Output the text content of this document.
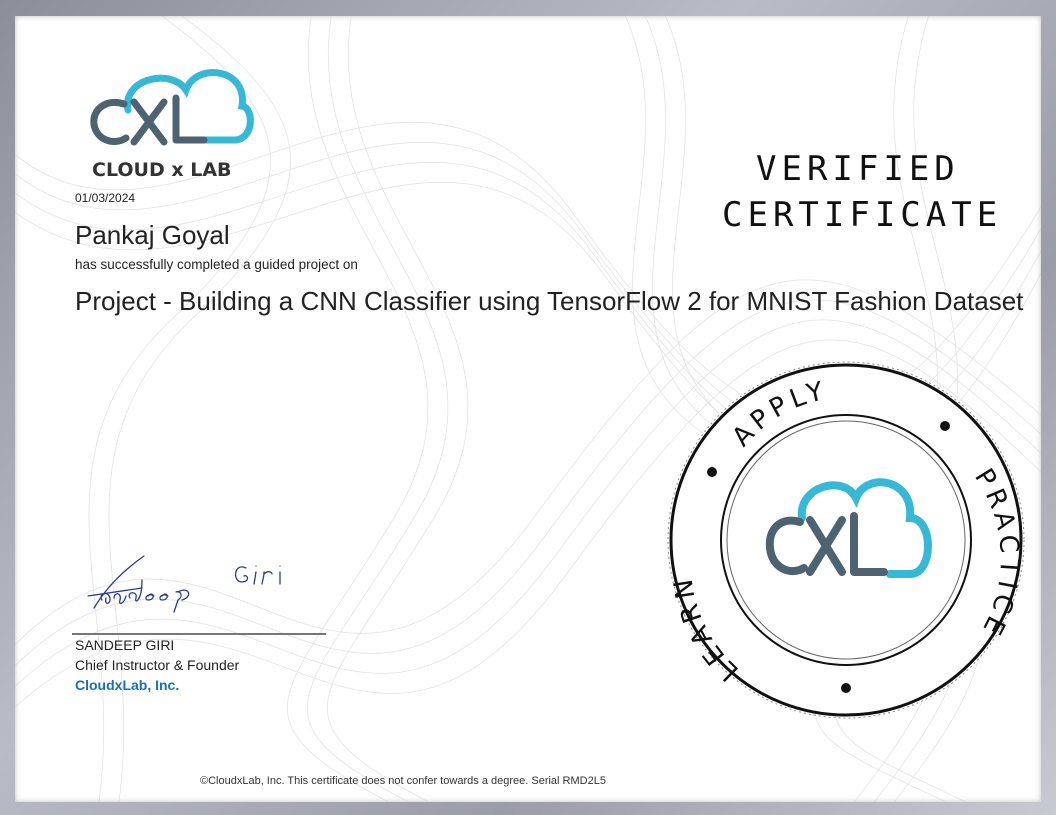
CLOUD x LAB
01/03/2024
Pankaj Goyal
has successfully completed a guided project on
Project - Building a CNN Classifier using TensorFlow 2 for MNIST Fashion Dataset
VERIFIED
CERTIFICATE
SANDEEP GIRI
Chief Instructor & Founder
CloudxLab, Inc.
APPLY
PRACTICE
LEARN
©CloudxLab, Inc. This certificate does not confer towards a degree. Serial RMD2L5
